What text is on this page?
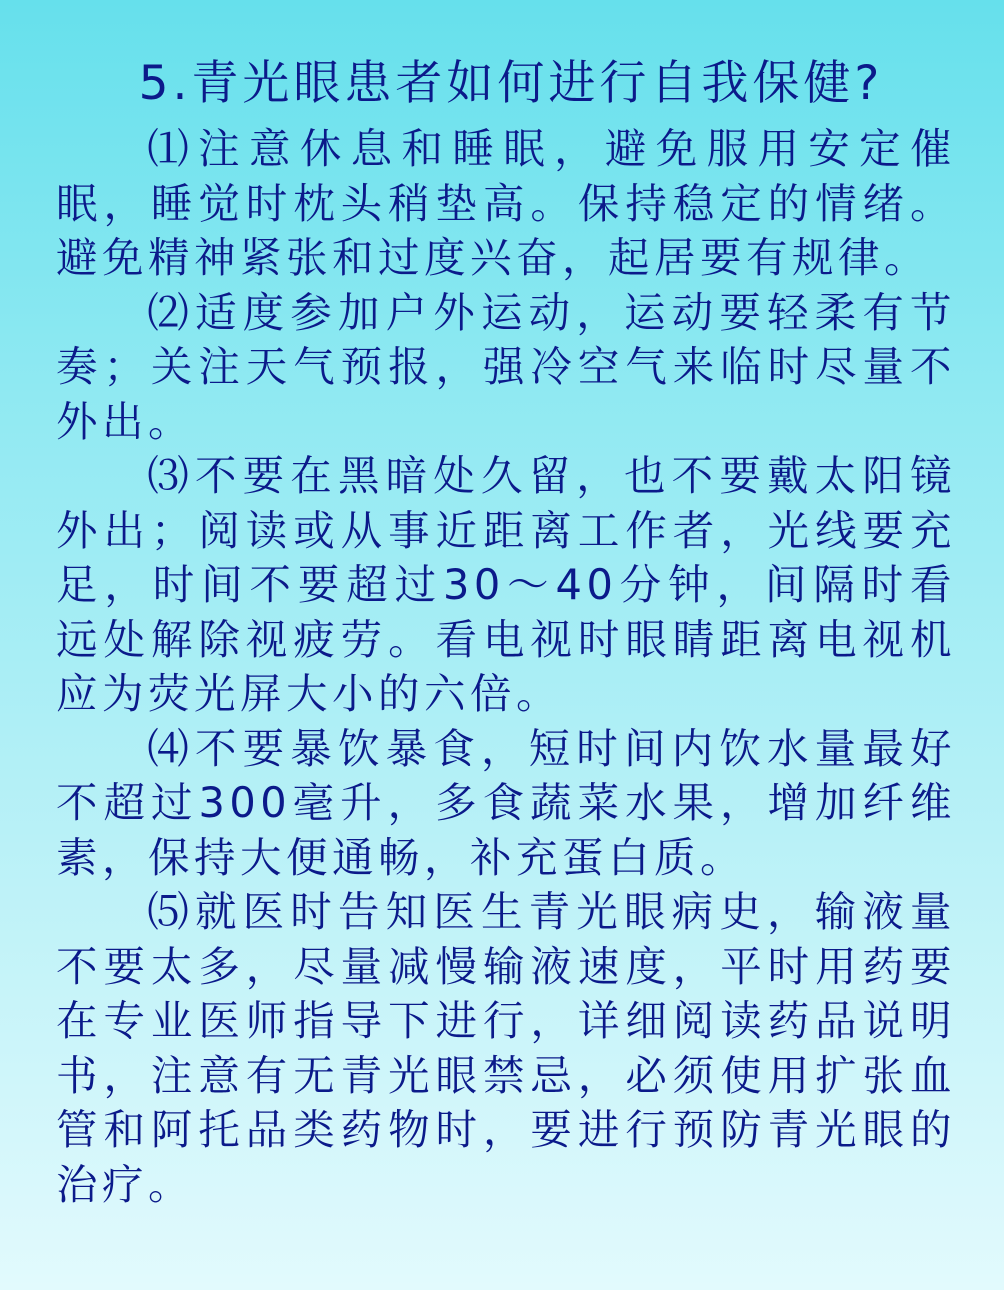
5.青光眼患者如何进行自我保健?

⑴注意休息和睡眠，避免服用安定催眠，睡觉时枕头稍垫高。保持稳定的情绪。避免精神紧张和过度兴奋，起居要有规律。

⑵适度参加户外运动，运动要轻柔有节奏；关注天气预报，强冷空气来临时尽量不外出。

⑶不要在黑暗处久留，也不要戴太阳镜外出；阅读或从事近距离工作者，光线要充足，时间不要超过30～40分钟，间隔时看远处解除视疲劳。看电视时眼睛距离电视机应为荧光屏大小的六倍。

⑷不要暴饮暴食，短时间内饮水量最好不超过300毫升，多食蔬菜水果，增加纤维素，保持大便通畅，补充蛋白质。

⑸就医时告知医生青光眼病史，输液量不要太多，尽量减慢输液速度，平时用药要在专业医师指导下进行，详细阅读药品说明书，注意有无青光眼禁忌，必须使用扩张血管和阿托品类药物时，要进行预防青光眼的治疗。
